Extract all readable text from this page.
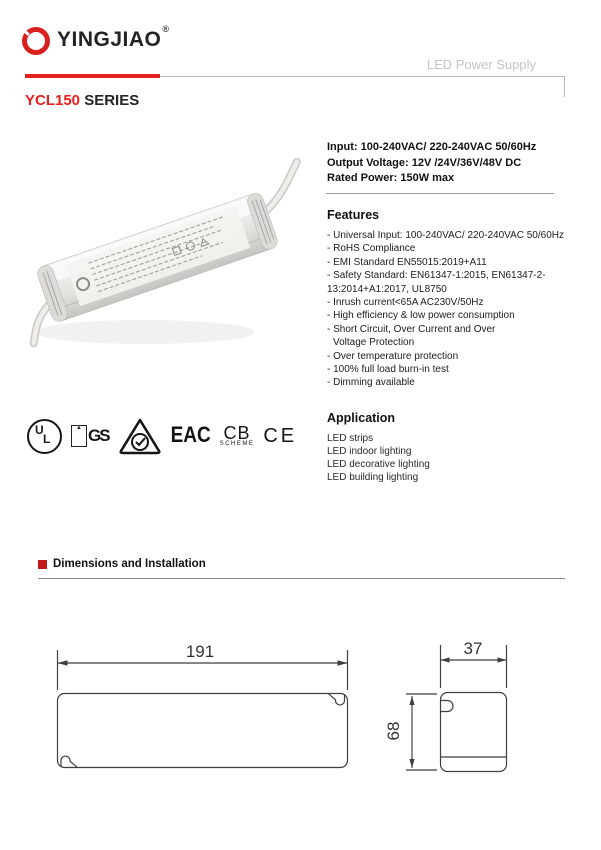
YINGJIAO ®
LED Power Supply
YCL150 SERIES
Input: 100-240VAC/ 220-240VAC 50/60Hz
Output Voltage: 12V /24V/36V/48V DC
Rated Power: 150W max
Features
- Universal Input: 100-240VAC/ 220-240VAC 50/60Hz
- RoHS Compliance
- EMI Standard EN55015:2019+A11
- Safety Standard: EN61347-1:2015, EN61347-2-
13:2014+A1:2017, UL8750
- Inrush current<65A AC230V/50Hz
- High efficiency & low power consumption
- Short Circuit, Over Current and Over
Voltage Protection
- Over temperature protection
- 100% full load burn-in test
- Dimming available
Application
LED strips
LED indoor lighting
LED decorative lighting
LED building lighting
U
L
▲ GS	EAC CB
SCHEME CE
Dimensions and Installation
191	37
68
